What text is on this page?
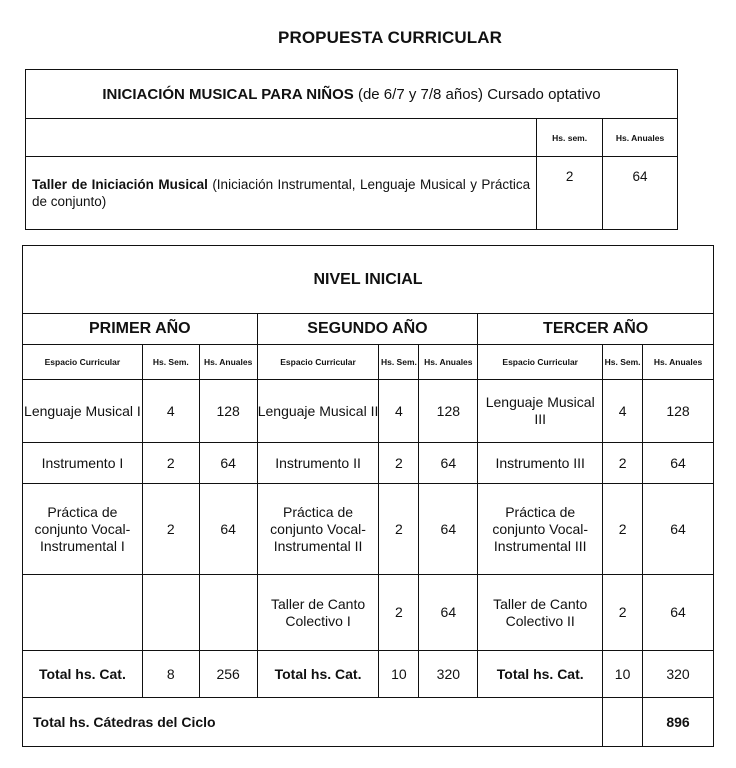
PROPUESTA CURRICULAR
INICIACIÓN MUSICAL PARA NIÑOS (de 6/7 y 7/8 años) Cursado optativo		
	Hs. sem.	Hs. Anuales
Taller de Iniciación Musical (Iniciación Instrumental, Lenguaje Musical y Práctica de conjunto)	2	64
NIVEL INICIAL								
PRIMER AÑO			SEGUNDO AÑO			TERCER AÑO		
Espacio Curricular	Hs. Sem.	Hs. Anuales	Espacio Curricular	Hs. Sem.	Hs. Anuales	Espacio Curricular	Hs. Sem.	Hs. Anuales
Lenguaje Musical I	4	128	Lenguaje Musical II	4	128	Lenguaje Musical III	4	128
Instrumento I	2	64	Instrumento II	2	64	Instrumento III	2	64
Práctica de conjunto Vocal-Instrumental I	2	64	Práctica de conjunto Vocal-Instrumental II	2	64	Práctica de conjunto Vocal-Instrumental III	2	64
			Taller de Canto Colectivo I	2	64	Taller de Canto Colectivo II	2	64
Total hs. Cat.	8	256	Total hs. Cat.	10	320	Total hs. Cat.	10	320
Total hs. Cátedras del Ciclo								896
